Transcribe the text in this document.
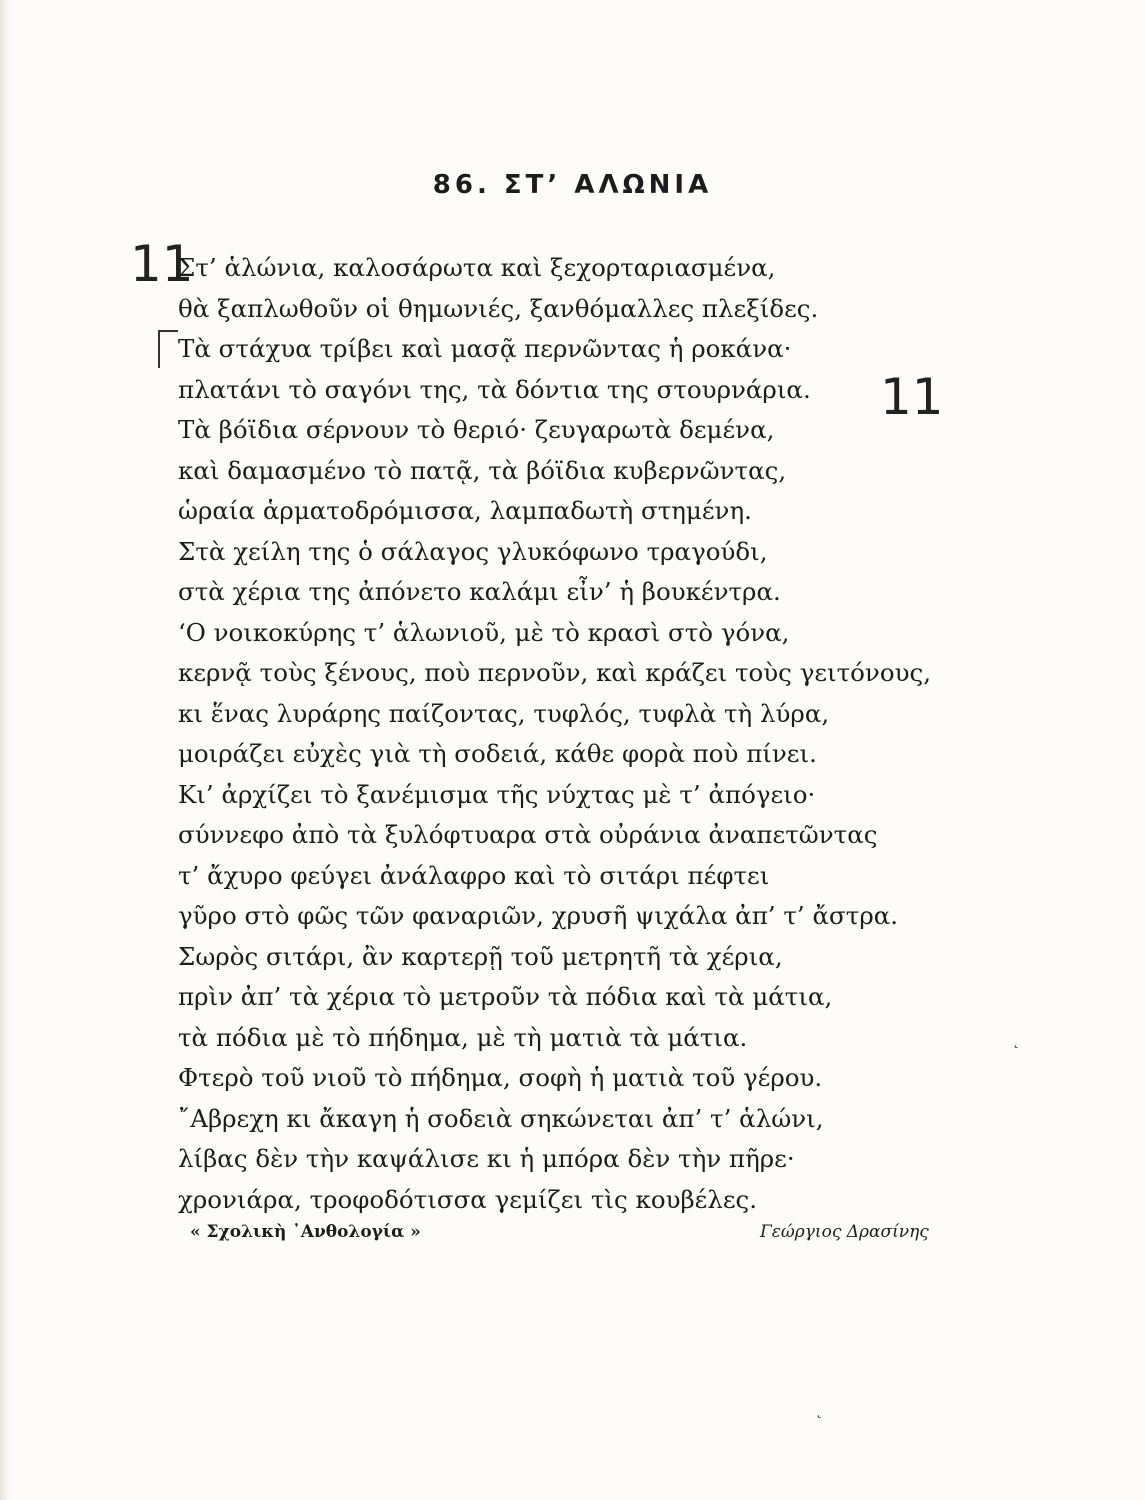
86. ΣΤ’ ΑΛΩΝΙΑ
11
11
Στ’ ἁλώνια, καλοσάρωτα καὶ ξεχορταριασμένα,
θὰ ξαπλωθοῦν οἱ θημωνιές, ξανθόμαλλες πλεξίδες.
Τὰ στάχυα τρίβει καὶ μασᾷ περνῶντας ἡ ροκάνα·
πλατάνι τὸ σαγόνι της, τὰ δόντια της στουρνάρια.
Τὰ βόϊδια σέρνουν τὸ θεριό· ζευγαρωτὰ δεμένα,
καὶ δαμασμένο τὸ πατᾷ, τὰ βόϊδια κυβερνῶντας,
ὡραία ἁρματοδρόμισσα, λαμπαδωτὴ στημένη.
Στὰ χείλη της ὁ σάλαγος γλυκόφωνο τραγούδι,
στὰ χέρια της ἀπόνετο καλάμι εἶν’ ἡ βουκέντρα.
‘Ο νοικοκύρης τ’ ἁλωνιοῦ, μὲ τὸ κρασὶ στὸ γόνα,
κερνᾷ τοὺς ξένους, ποὺ περνοῦν, καὶ κράζει τοὺς γειτόνους,
κι ἕνας λυράρης παίζοντας, τυφλός, τυφλὰ τὴ λύρα,
μοιράζει εὐχὲς γιὰ τὴ σοδειά, κάθε φορὰ ποὺ πίνει.
Κι’ ἀρχίζει τὸ ξανέμισμα τῆς νύχτας μὲ τ’ ἀπόγειο·
σύννεφο ἀπὸ τὰ ξυλόφτυαρα στὰ οὐράνια ἀναπετῶντας
τ’ ἄχυρο φεύγει ἀνάλαφρο καὶ τὸ σιτάρι πέφτει
γῦρο στὸ φῶς τῶν φαναριῶν, χρυσῆ ψιχάλα ἀπ’ τ’ ἄστρα.
Σωρὸς σιτάρι, ἂν καρτερῇ τοῦ μετρητῆ τὰ χέρια,
πρὶν ἀπ’ τὰ χέρια τὸ μετροῦν τὰ πόδια καὶ τὰ μάτια,
τὰ πόδια μὲ τὸ πήδημα, μὲ τὴ ματιὰ τὰ μάτια.
Φτερὸ τοῦ νιοῦ τὸ πήδημα, σοφὴ ἡ ματιὰ τοῦ γέρου.
῎Αβρεχη κι ἄκαγη ἡ σοδειὰ σηκώνεται ἀπ’ τ’ ἁλώνι,
λίβας δὲν τὴν καψάλισε κι ἡ μπόρα δὲν τὴν πῆρε·
χρονιάρα, τροφοδότισσα γεμίζει τὶς κουβέλες.
« Σχολικὴ ᾿Ανθολογία »	Γεώργιος Δρασίνης
˛
˛
